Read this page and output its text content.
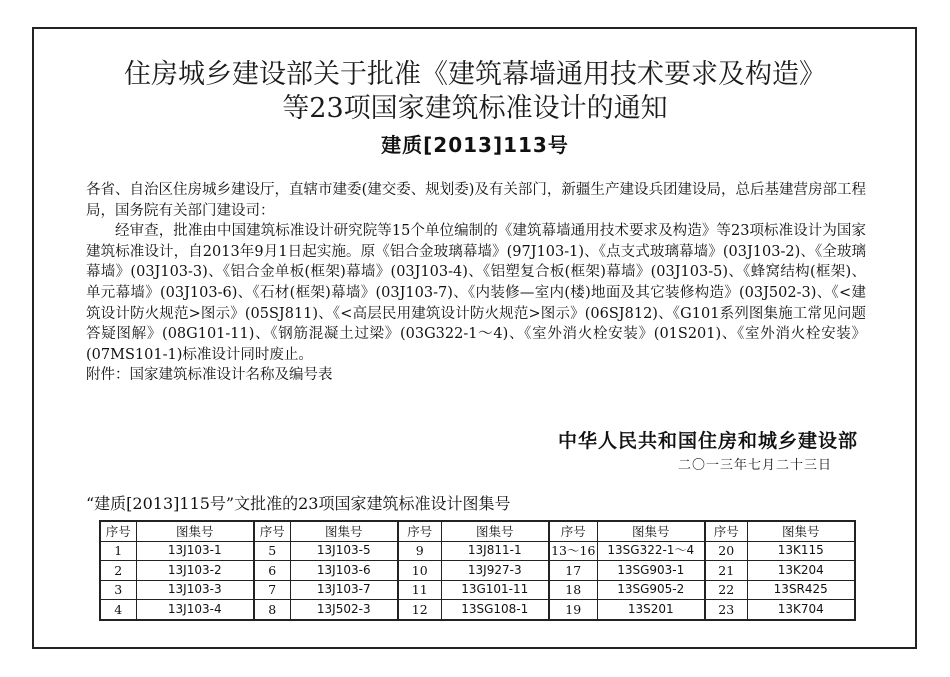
住房城乡建设部关于批准《建筑幕墙通用技术要求及构造》
等23项国家建筑标准设计的通知
建质[2013]113号

各省、自治区住房城乡建设厅，直辖市建委(建交委、规划委)及有关部门，新疆生产建设兵团建设局，总后基建营房部工程局，国务院有关部门建设司：

经审查，批准由中国建筑标准设计研究院等15个单位编制的《建筑幕墙通用技术要求及构造》等23项标准设计为国家建筑标准设计，自2013年9月1日起实施。原《铝合金玻璃幕墙》(97J103-1)、《点支式玻璃幕墙》(03J103-2)、《全玻璃幕墙》(03J103-3)、《铝合金单板(框架)幕墙》(03J103-4)、《铝塑复合板(框架)幕墙》(03J103-5)、《蜂窝结构(框架)、单元幕墙》(03J103-6)、《石材(框架)幕墙》(03J103-7)、《内装修—室内(楼)地面及其它装修构造》(03J502-3)、《<建筑设计防火规范>图示》(05SJ811)、《<高层民用建筑设计防火规范>图示》(06SJ812)、《G101系列图集施工常见问题答疑图解》(08G101-11)、《钢筋混凝土过梁》(03G322-1～4)、《室外消火栓安装》(01S201)、《室外消火栓安装》(07MS101-1)标准设计同时废止。

附件：国家建筑标准设计名称及编号表

中华人民共和国住房和城乡建设部
二〇一三年七月二十三日
“建质[2013]115号”文批准的23项国家建筑标准设计图集号
序号	图集号	序号	图集号	序号	图集号	序号	图集号	序号	图集号
1	13J103-1	5	13J103-5	9	13J811-1	13～16	13SG322-1～4	20	13K115
2	13J103-2	6	13J103-6	10	13J927-3	17	13SG903-1	21	13K204
3	13J103-3	7	13J103-7	11	13G101-11	18	13SG905-2	22	13SR425
4	13J103-4	8	13J502-3	12	13SG108-1	19	13S201	23	13K704
